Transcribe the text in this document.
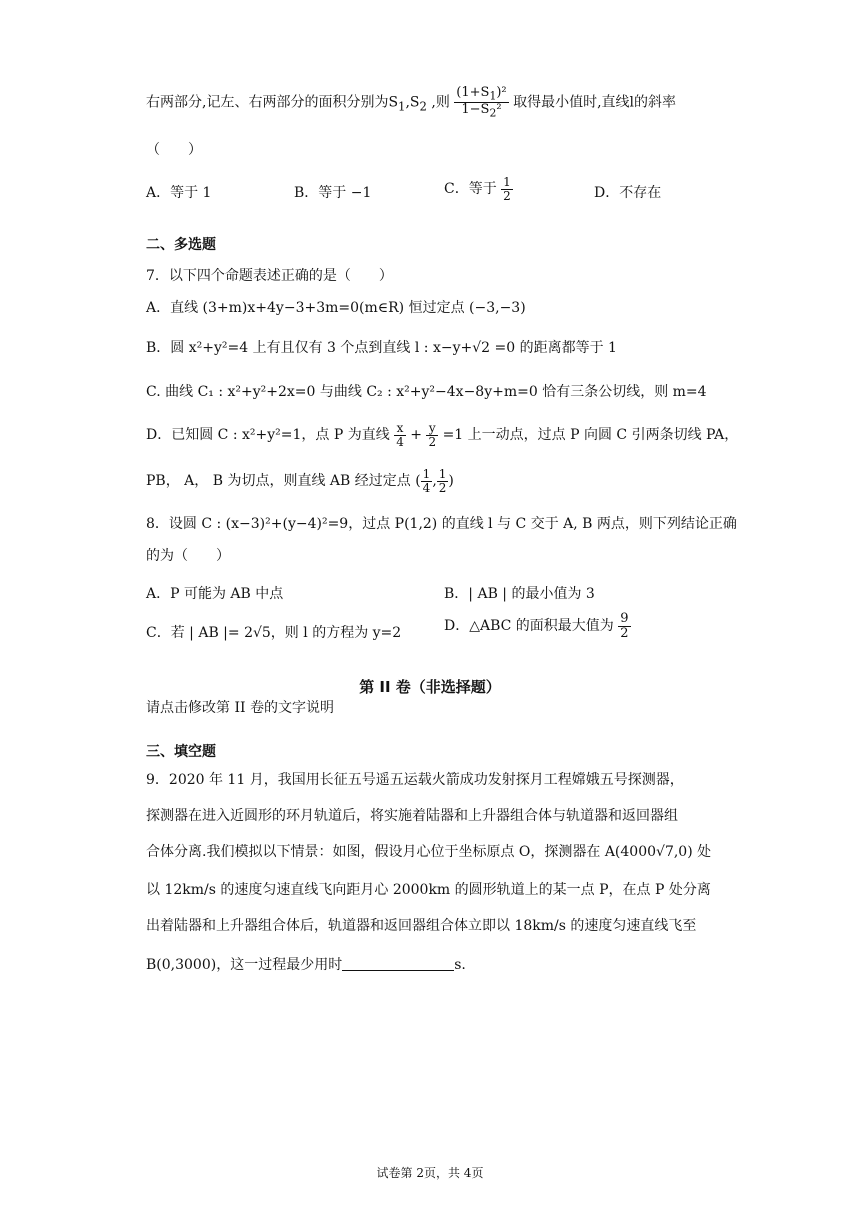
右两部分,记左、右两部分的面积分别为$S_1,S_2$ ,则 $\frac{(1+S_1)^2}{1-S_2^2}$ 取得最小值时,直线l的斜率
（　　）
A．等于 1	B．等于 −1	C．等于 $\frac{1}{2}$	D．不存在
二、多选题
7．以下四个命题表述正确的是（　　）
A．直线 (3+m)x+4y−3+3m=0(m∈R) 恒过定点 (−3,−3)
B．圆 x²+y²=4 上有且仅有 3 个点到直线 l : x−y+√2 =0 的距离都等于 1
C. 曲线 C₁ : x²+y²+2x=0 与曲线 C₂ : x²+y²−4x−8y+m=0 恰有三条公切线，则 m=4
D．已知圆 C : x²+y²=1，点 P 为直线 $\frac{x}{4} + \frac{y}{2} =1$ 上一动点，过点 P 向圆 C 引两条切线 PA，
PB， A， B 为切点，则直线 AB 经过定点 ( $\frac{1}{4}$ , $\frac{1}{2}$ )
8．设圆 C : (x−3)²+(y−4)²=9，过点 P(1,2) 的直线 l 与 C 交于 A, B 两点，则下列结论正确
的为（　　）
A．P 可能为 AB 中点	B．| AB | 的最小值为 3
C．若 | AB |= 2√5，则 l 的方程为 y=2	D．△ABC 的面积最大值为 $\frac{9}{2}$
第 II 卷（非选择题）
请点击修改第 II 卷的文字说明
三、填空题
9．2020 年 11 月，我国用长征五号遥五运载火箭成功发射探月工程嫦娥五号探测器，
探测器在进入近圆形的环月轨道后，将实施着陆器和上升器组合体与轨道器和返回器组
合体分离.我们模拟以下情景：如图，假设月心位于坐标原点 O，探测器在 A(4000√7,0) 处
以 12km/s 的速度匀速直线飞向距月心 2000km 的圆形轨道上的某一点 P，在点 P 处分离
出着陆器和上升器组合体后，轨道器和返回器组合体立即以 18km/s 的速度匀速直线飞至
B(0,3000)，这一过程最少用时	s.
试卷第 2页，共 4页
